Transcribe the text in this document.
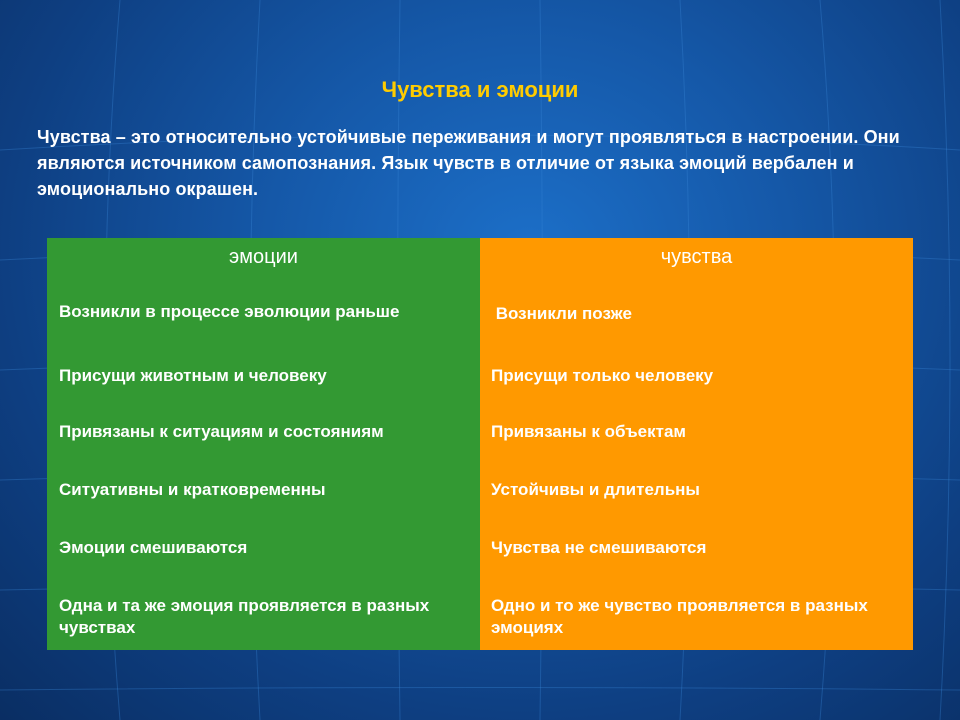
Чувства и эмоции
Чувства – это относительно устойчивые переживания и могут проявляться в настроении. Они являются источником самопознания. Язык чувств в отличие от языка эмоций вербален и эмоционально окрашен.
эмоции
Возникли в процессе эволюции раньше
Присущи животным и человеку
Привязаны к ситуациям и состояниям
Ситуативны и кратковременны
Эмоции смешиваются
Одна и та же эмоция проявляется в разных чувствах
чувства
Возникли позже
Присущи только человеку
Привязаны к объектам
Устойчивы и длительны
Чувства не смешиваются
Одно и то же чувство проявляется в разных эмоциях
